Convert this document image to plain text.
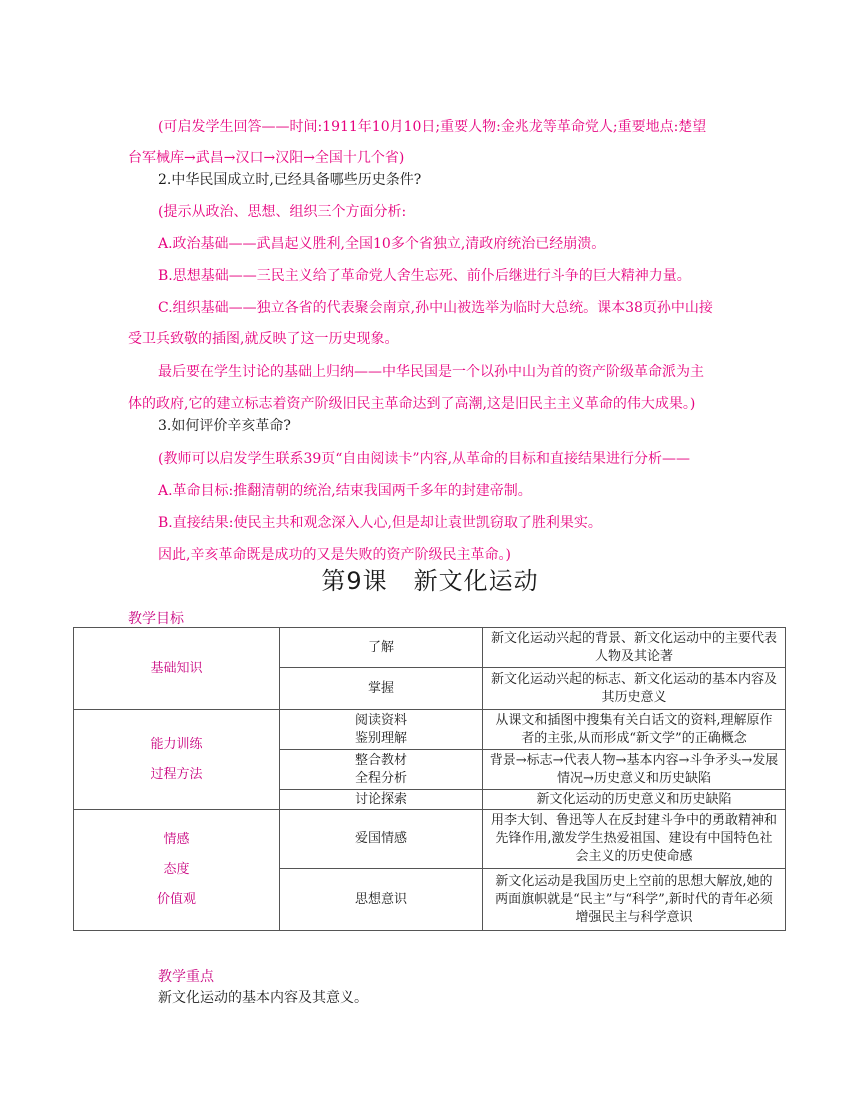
(可启发学生回答——时间:1911年10月10日;重要人物:金兆龙等革命党人;重要地点:楚望
台军械库→武昌→汉口→汉阳→全国十几个省)
2.中华民国成立时,已经具备哪些历史条件?
(提示从政治、思想、组织三个方面分析:
A.政治基础——武昌起义胜利,全国10多个省独立,清政府统治已经崩溃。
B.思想基础——三民主义给了革命党人舍生忘死、前仆后继进行斗争的巨大精神力量。
C.组织基础——独立各省的代表聚会南京,孙中山被选举为临时大总统。课本38页孙中山接
受卫兵致敬的插图,就反映了这一历史现象。
最后要在学生讨论的基础上归纳——中华民国是一个以孙中山为首的资产阶级革命派为主
体的政府,它的建立标志着资产阶级旧民主革命达到了高潮,这是旧民主主义革命的伟大成果。)
3.如何评价辛亥革命?
(教师可以启发学生联系39页“自由阅读卡”内容,从革命的目标和直接结果进行分析——
A.革命目标:推翻清朝的统治,结束我国两千多年的封建帝制。
B.直接结果:使民主共和观念深入人心,但是却让袁世凯窃取了胜利果实。
因此,辛亥革命既是成功的又是失败的资产阶级民主革命。)
第9课 新文化运动
教学目标
基础知识	了解	新文化运动兴起的背景、新文化运动中的主要代表人物及其论著

	掌握	新文化运动兴起的标志、新文化运动的基本内容及其历史意义

能力训练
过程方法	阅读资料
鉴别理解	从课文和插图中搜集有关白话文的资料,理解原作者的主张,从而形成“新文学”的正确概念

	整合教材
全程分析	背景→标志→代表人物→基本内容→斗争矛头→发展情况→历史意义和历史缺陷

	讨论探索	新文化运动的历史意义和历史缺陷

情感
态度
价值观	爱国情感	用李大钊、鲁迅等人在反封建斗争中的勇敢精神和先锋作用,激发学生热爱祖国、建设有中国特色社会主义的历史使命感

	思想意识	新文化运动是我国历史上空前的思想大解放,她的两面旗帜就是“民主”与“科学”,新时代的青年必须增强民主与科学意识
教学重点
新文化运动的基本内容及其意义。
